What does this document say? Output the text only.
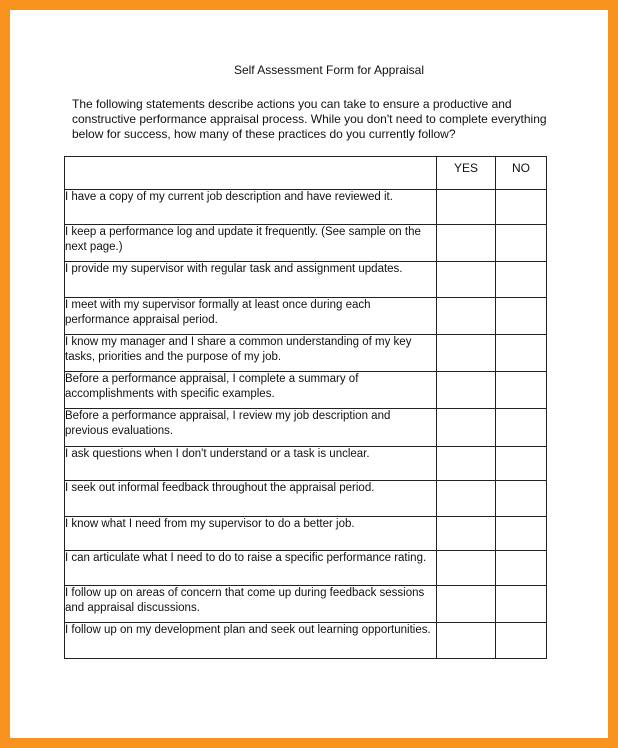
Self Assessment Form for Appraisal
The following statements describe actions you can take to ensure a productive and constructive performance appraisal process. While you don't need to complete everything below for success, how many of these practices do you currently follow?
	YES	NO
I have a copy of my current job description and have reviewed it.		
I keep a performance log and update it frequently. (See sample on the next page.)		
I provide my supervisor with regular task and assignment updates.		
I meet with my supervisor formally at least once during each performance appraisal period.		
I know my manager and I share a common understanding of my key tasks, priorities and the purpose of my job.		
Before a performance appraisal, I complete a summary of accomplishments with specific examples.		
Before a performance appraisal, I review my job description and previous evaluations.		
I ask questions when I don't understand or a task is unclear.		
I seek out informal feedback throughout the appraisal period.		
I know what I need from my supervisor to do a better job.		
I can articulate what I need to do to raise a specific performance rating.		
I follow up on areas of concern that come up during feedback sessions and appraisal discussions.		
I follow up on my development plan and seek out learning opportunities.		
